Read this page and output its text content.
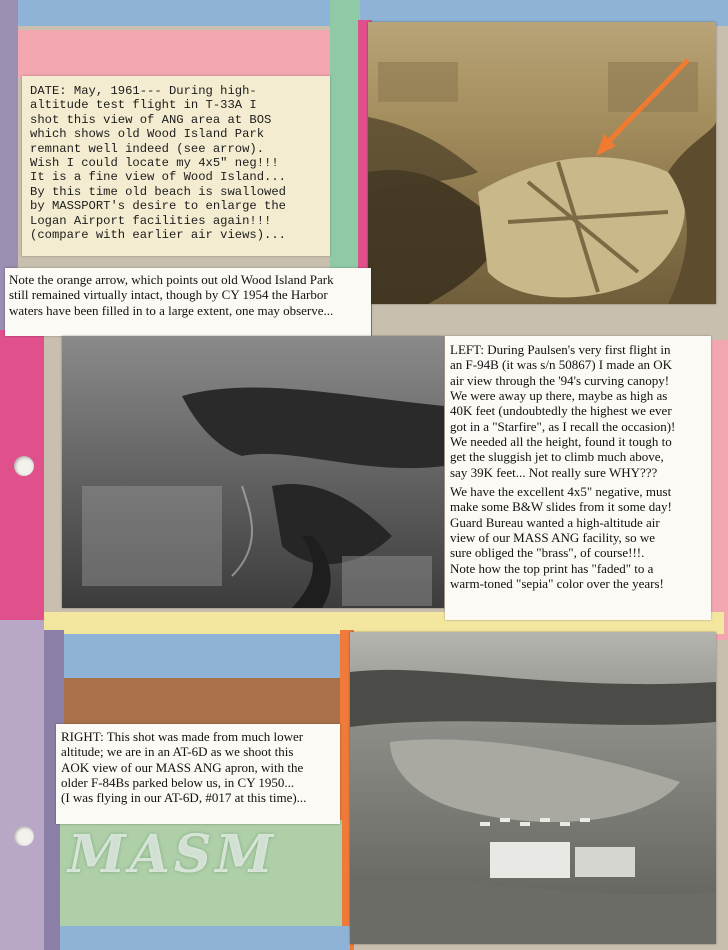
DATE: May, 1961--- During high-
altitude test flight in T-33A I
shot this view of ANG area at BOS
which shows old Wood Island Park
remnant well indeed (see arrow).
Wish I could locate my 4x5" neg!!!
It is a fine view of Wood Island...
By this time old beach is swallowed
by MASSPORT's desire to enlarge the
Logan Airport facilities again!!!
(compare with earlier air views)...
Note the orange arrow, which points out old Wood Island Park
still remained virtually intact, though by CY 1954 the Harbor
waters have been filled in to a large extent, one may observe...
LEFT: During Paulsen's very first flight in
an F-94B (it was s/n 50867) I made an OK
air view through the '94's curving canopy!
We were away up there, maybe as high as
40K feet (undoubtedly the highest we ever
got in a "Starfire", as I recall the occasion)!
We needed all the height, found it tough to
get the sluggish jet to climb much above,
say 39K feet... Not really sure WHY???
We have the excellent 4x5" negative, must
make some B&W slides from it some day!
Guard Bureau wanted a high-altitude air
view of our MASS ANG facility, so we
sure obliged the "brass", of course!!!.
Note how the top print has "faded" to a
warm-toned "sepia" color over the years!
RIGHT: This shot was made from much lower
altitude; we are in an AT-6D as we shoot this
AOK view of our MASS ANG apron, with the
older F-84Bs parked below us, in CY 1950...
(I was flying in our AT-6D, #017 at this time)...
MASM
